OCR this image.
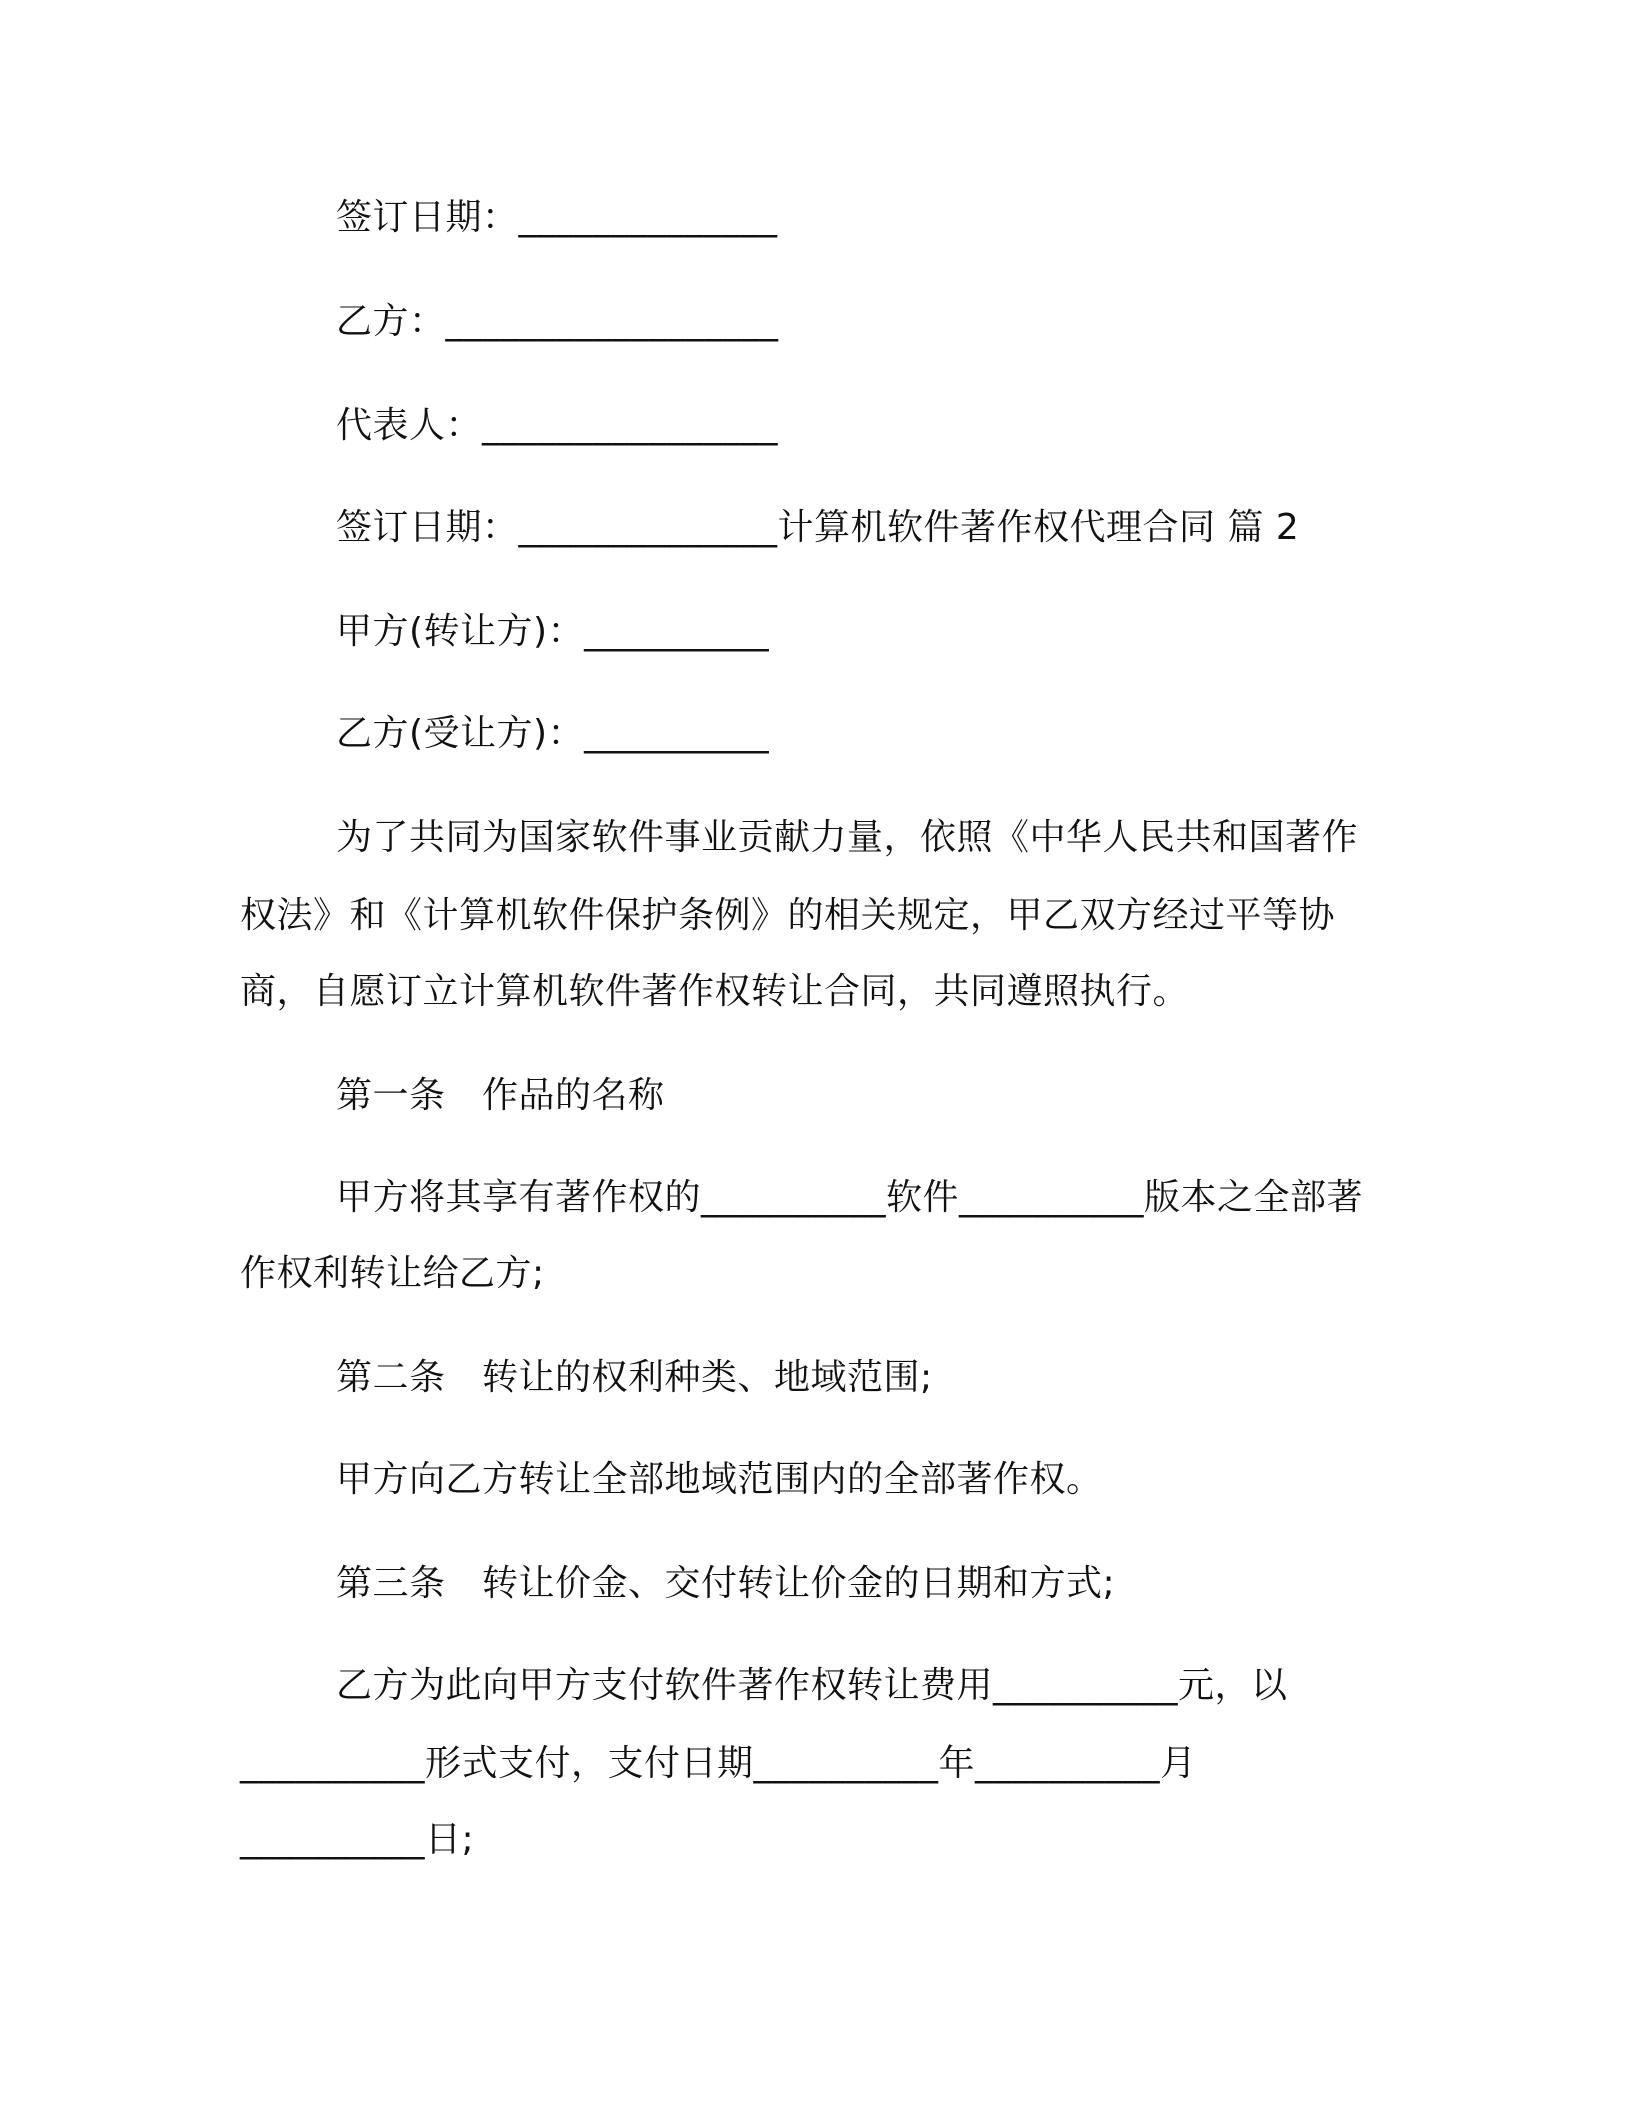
签订日期：______________
乙方：__________________
代表人：________________
签订日期：______________计算机软件著作权代理合同 篇 2
甲方(转让方)：__________
乙方(受让方)：__________
为了共同为国家软件事业贡献力量，依照《中华人民共和国著作
权法》和《计算机软件保护条例》的相关规定，甲乙双方经过平等协
商，自愿订立计算机软件著作权转让合同，共同遵照执行。
第一条　作品的名称
甲方将其享有著作权的__________软件__________版本之全部著
作权利转让给乙方;
第二条　转让的权利种类、地域范围;
甲方向乙方转让全部地域范围内的全部著作权。
第三条　转让价金、交付转让价金的日期和方式;
乙方为此向甲方支付软件著作权转让费用__________元，以
__________形式支付，支付日期__________年__________月
__________日;
